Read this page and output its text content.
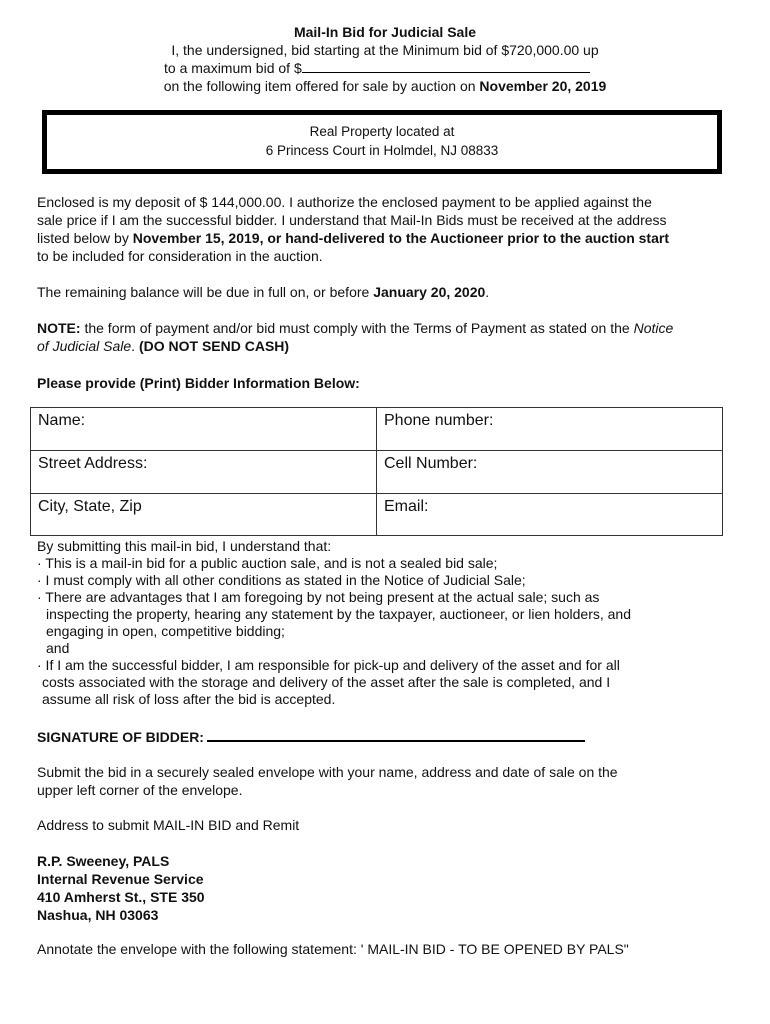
Mail-In Bid for Judicial Sale
I, the undersigned, bid starting at the Minimum bid of $720,000.00 up
to a maximum bid of $
on the following item offered for sale by auction on November 20, 2019
Real Property located at
6 Princess Court in Holmdel, NJ 08833
Enclosed is my deposit of $ 144,000.00. I authorize the enclosed payment to be applied against the
sale price if I am the successful bidder. I understand that Mail-In Bids must be received at the address
listed below by November 15, 2019, or hand-delivered to the Auctioneer prior to the auction start
to be included for consideration in the auction.
The remaining balance will be due in full on, or before January 20, 2020.
NOTE: the form of payment and/or bid must comply with the Terms of Payment as stated on the Notice
of Judicial Sale. (DO NOT SEND CASH)
Please provide (Print) Bidder Information Below:
Name:	Phone number:
Street Address:	Cell Number:
City, State, Zip	Email:
By submitting this mail-in bid, I understand that:
· This is a mail-in bid for a public auction sale, and is not a sealed bid sale;
· I must comply with all other conditions as stated in the Notice of Judicial Sale;
· There are advantages that I am foregoing by not being present at the actual sale; such as
inspecting the property, hearing any statement by the taxpayer, auctioneer, or lien holders, and
engaging in open, competitive bidding;
and
· If I am the successful bidder, I am responsible for pick-up and delivery of the asset and for all
costs associated with the storage and delivery of the asset after the sale is completed, and I
assume all risk of loss after the bid is accepted.
SIGNATURE OF BIDDER:
Submit the bid in a securely sealed envelope with your name, address and date of sale on the
upper left corner of the envelope.
Address to submit MAIL-IN BID and Remit
R.P. Sweeney, PALS
Internal Revenue Service
410 Amherst St., STE 350
Nashua, NH 03063
Annotate the envelope with the following statement: ' MAIL-IN BID - TO BE OPENED BY PALS"
